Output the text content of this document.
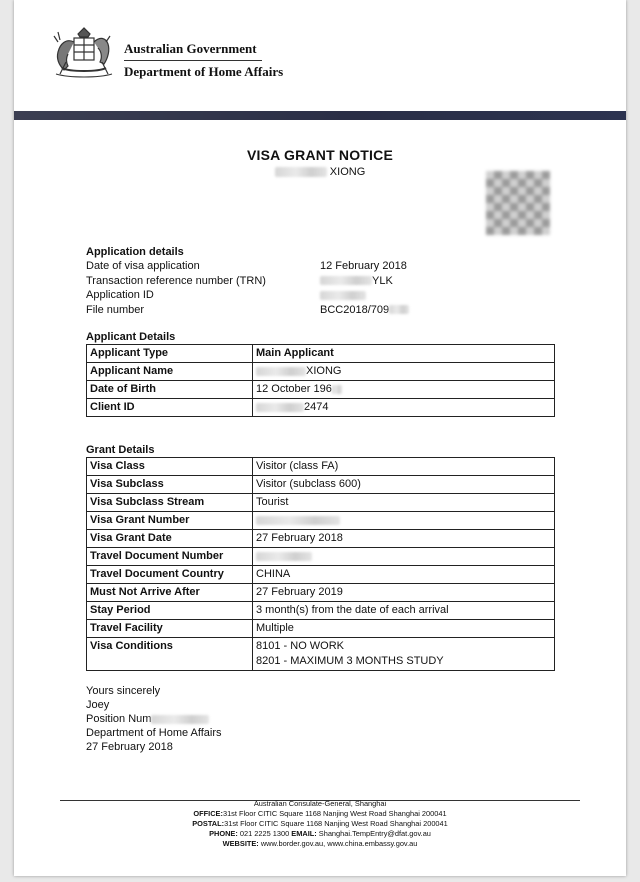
Australian Government
Department of Home Affairs
VISA GRANT NOTICE
XIONG
Application details
Date of visa application	12 February 2018
Transaction reference number (TRN)	YLK
Application ID
File number	BCC2018/709
Applicant Details
Applicant Type	Main Applicant
Applicant Name	XIONG
Date of Birth	12 October 196
Client ID	2474
Grant Details
Visa Class	Visitor (class FA)
Visa Subclass	Visitor (subclass 600)
Visa Subclass Stream	Tourist
Visa Grant Number	
Visa Grant Date	27 February 2018
Travel Document Number	
Travel Document Country	CHINA
Must Not Arrive After	27 February 2019
Stay Period	3 month(s) from the date of each arrival
Travel Facility	Multiple
Visa Conditions	8101 - NO WORK
8201 - MAXIMUM 3 MONTHS STUDY
Yours sincerely
Joey
Position Num
Department of Home Affairs
27 February 2018
Australian Consulate-General, Shanghai
OFFICE:31st Floor CITIC Square 1168 Nanjing West Road Shanghai 200041
POSTAL:31st Floor CITIC Square 1168 Nanjing West Road Shanghai 200041
PHONE: 021 2225 1300 EMAIL: Shanghai.TempEntry@dfat.gov.au
WEBSITE: www.border.gov.au, www.china.embassy.gov.au
